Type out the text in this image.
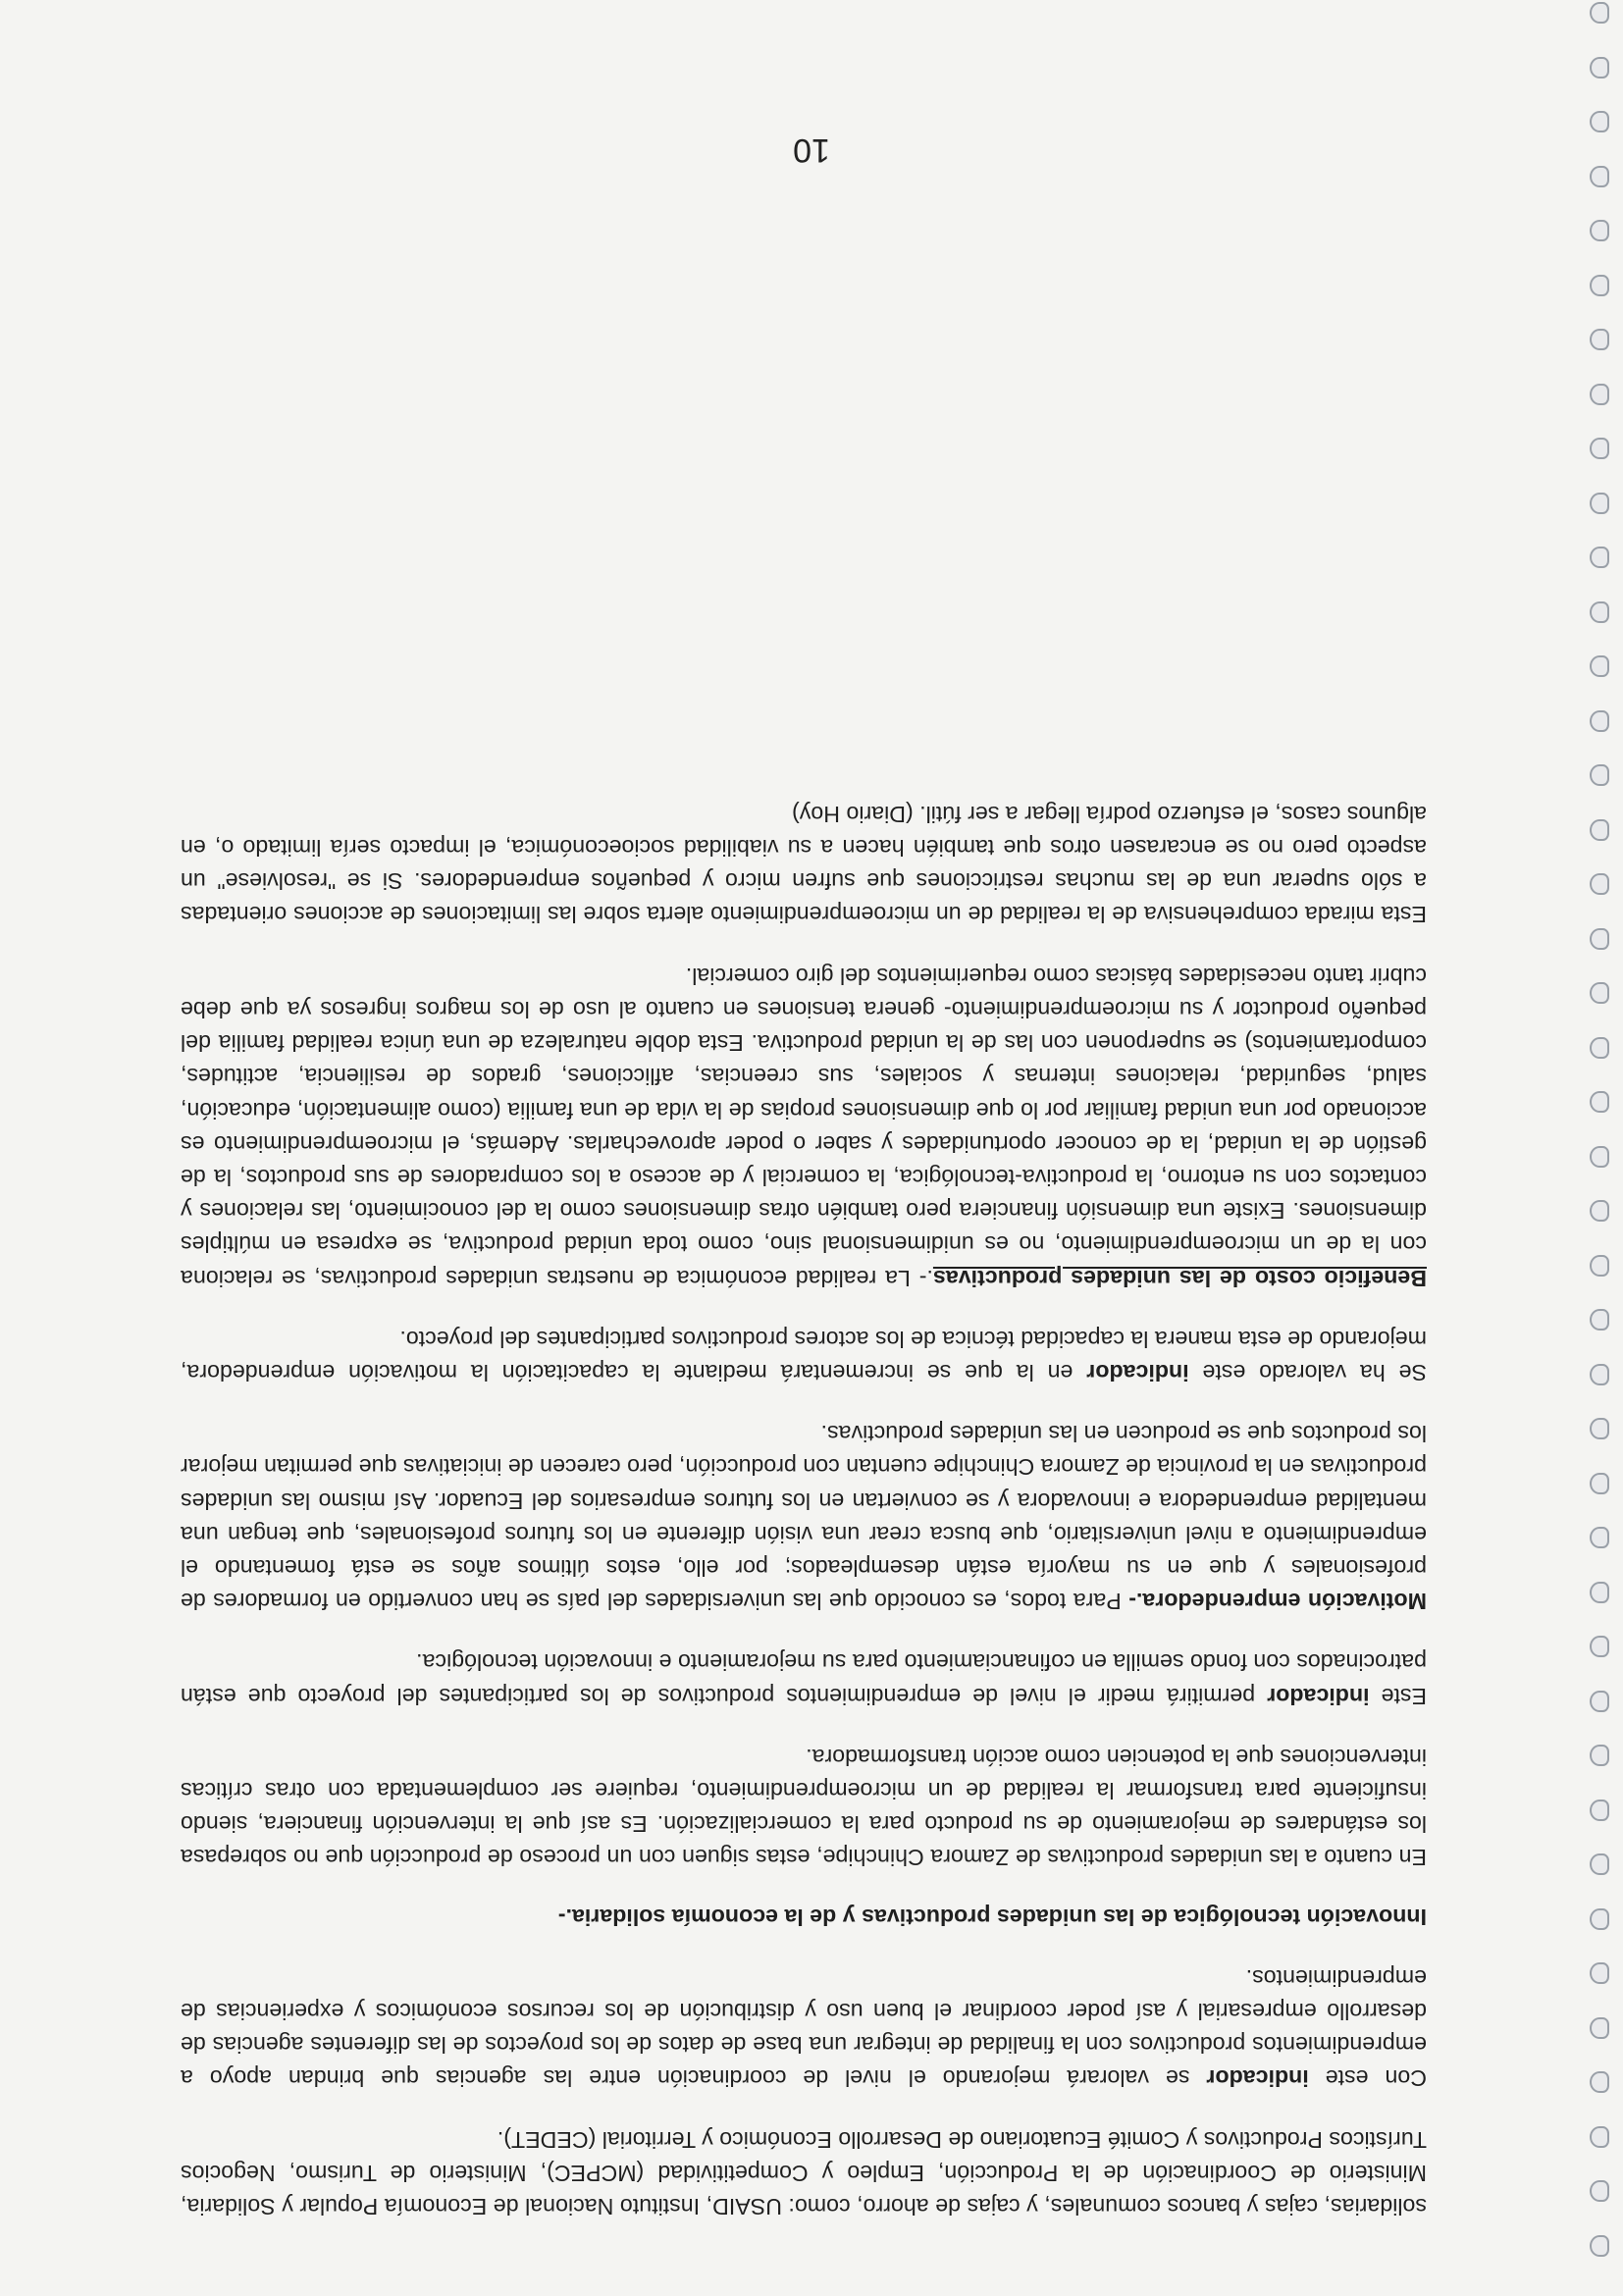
solidarias, cajas y bancos comunales, y cajas de ahorro, como: USAID, Instituto Nacional de Economía Popular y Solidaria, Ministerio de Coordinación de la Producción, Empleo y Competitividad (MCPEC), Ministerio de Turismo, Negocios Turísticos Productivos y Comité Ecuatoriano de Desarrollo Económico y Territorial (CEDET).

Con este indicador se valorará mejorando el nivel de coordinación entre las agencias que brindan apoyo a emprendimientos productivos con la finalidad de integrar una base de datos de los proyectos de las diferentes agencias de desarrollo empresarial y así poder coordinar el buen uso y distribución de los recursos económicos y experiencias de emprendimientos.

Innovación tecnológica de las unidades productivas y de la economía solidaria.-

En cuanto a las unidades productivas de Zamora Chinchipe, estas siguen con un proceso de producción que no sobrepasa los estándares de mejoramiento de su producto para la comercialización. Es así que la intervención financiera, siendo insuficiente para transformar la realidad de un microemprendimiento, requiere ser complementada con otras críticas intervenciones que la potencien como acción transformadora.

Este indicador permitirá medir el nivel de emprendimientos productivos de los participantes del proyecto que están patrocinados con fondo semilla en cofinanciamiento para su mejoramiento e innovación tecnológica.

Motivación emprendedora.- Para todos, es conocido que las universidades del país se han convertido en formadores de profesionales y que en su mayoría están desempleados; por ello, estos últimos años se está fomentando el emprendimiento a nivel universitario, que busca crear una visión diferente en los futuros profesionales, que tengan una mentalidad emprendedora e innovadora y se conviertan en los futuros empresarios del Ecuador. Así mismo las unidades productivas en la provincia de Zamora Chinchipe cuentan con producción, pero carecen de iniciativas que permitan mejorar los productos que se producen en las unidades productivas.

Se ha valorado este indicador en la que se incrementará mediante la capacitación la motivación emprendedora, mejorando de esta manera la capacidad técnica de los actores productivos participantes del proyecto.

Beneficio costo de las unidades productivas.- La realidad económica de nuestras unidades productivas, se relaciona con la de un microemprendimiento, no es unidimensional sino, como toda unidad productiva, se expresa en múltiples dimensiones. Existe una dimensión financiera pero también otras dimensiones como la del conocimiento, las relaciones y contactos con su entorno, la productiva-tecnológica, la comercial y de acceso a los compradores de sus productos, la de gestión de la unidad, la de conocer oportunidades y saber o poder aprovecharlas. Además, el microemprendimiento es accionado por una unidad familiar por lo que dimensiones propias de la vida de una familia (como alimentación, educación, salud, seguridad, relaciones internas y sociales, sus creencias, aflicciones, grados de resiliencia, actitudes, comportamientos) se superponen con las de la unidad productiva. Esta doble naturaleza de una única realidad familia del pequeño productor y su microemprendimiento- genera tensiones en cuanto al uso de los magros ingresos ya que debe cubrir tanto necesidades básicas como requerimientos del giro comercial.

Esta mirada comprehensiva de la realidad de un microemprendimiento alerta sobre las limitaciones de acciones orientadas a sólo superar una de las muchas restricciones que sufren micro y pequeños emprendedores. Si se "resolviese" un aspecto pero no se encarasen otros que también hacen a su viabilidad socioeconómica, el impacto sería limitado o, en algunos casos, el esfuerzo podría llegar a ser fútil. (Diario Hoy)

10
